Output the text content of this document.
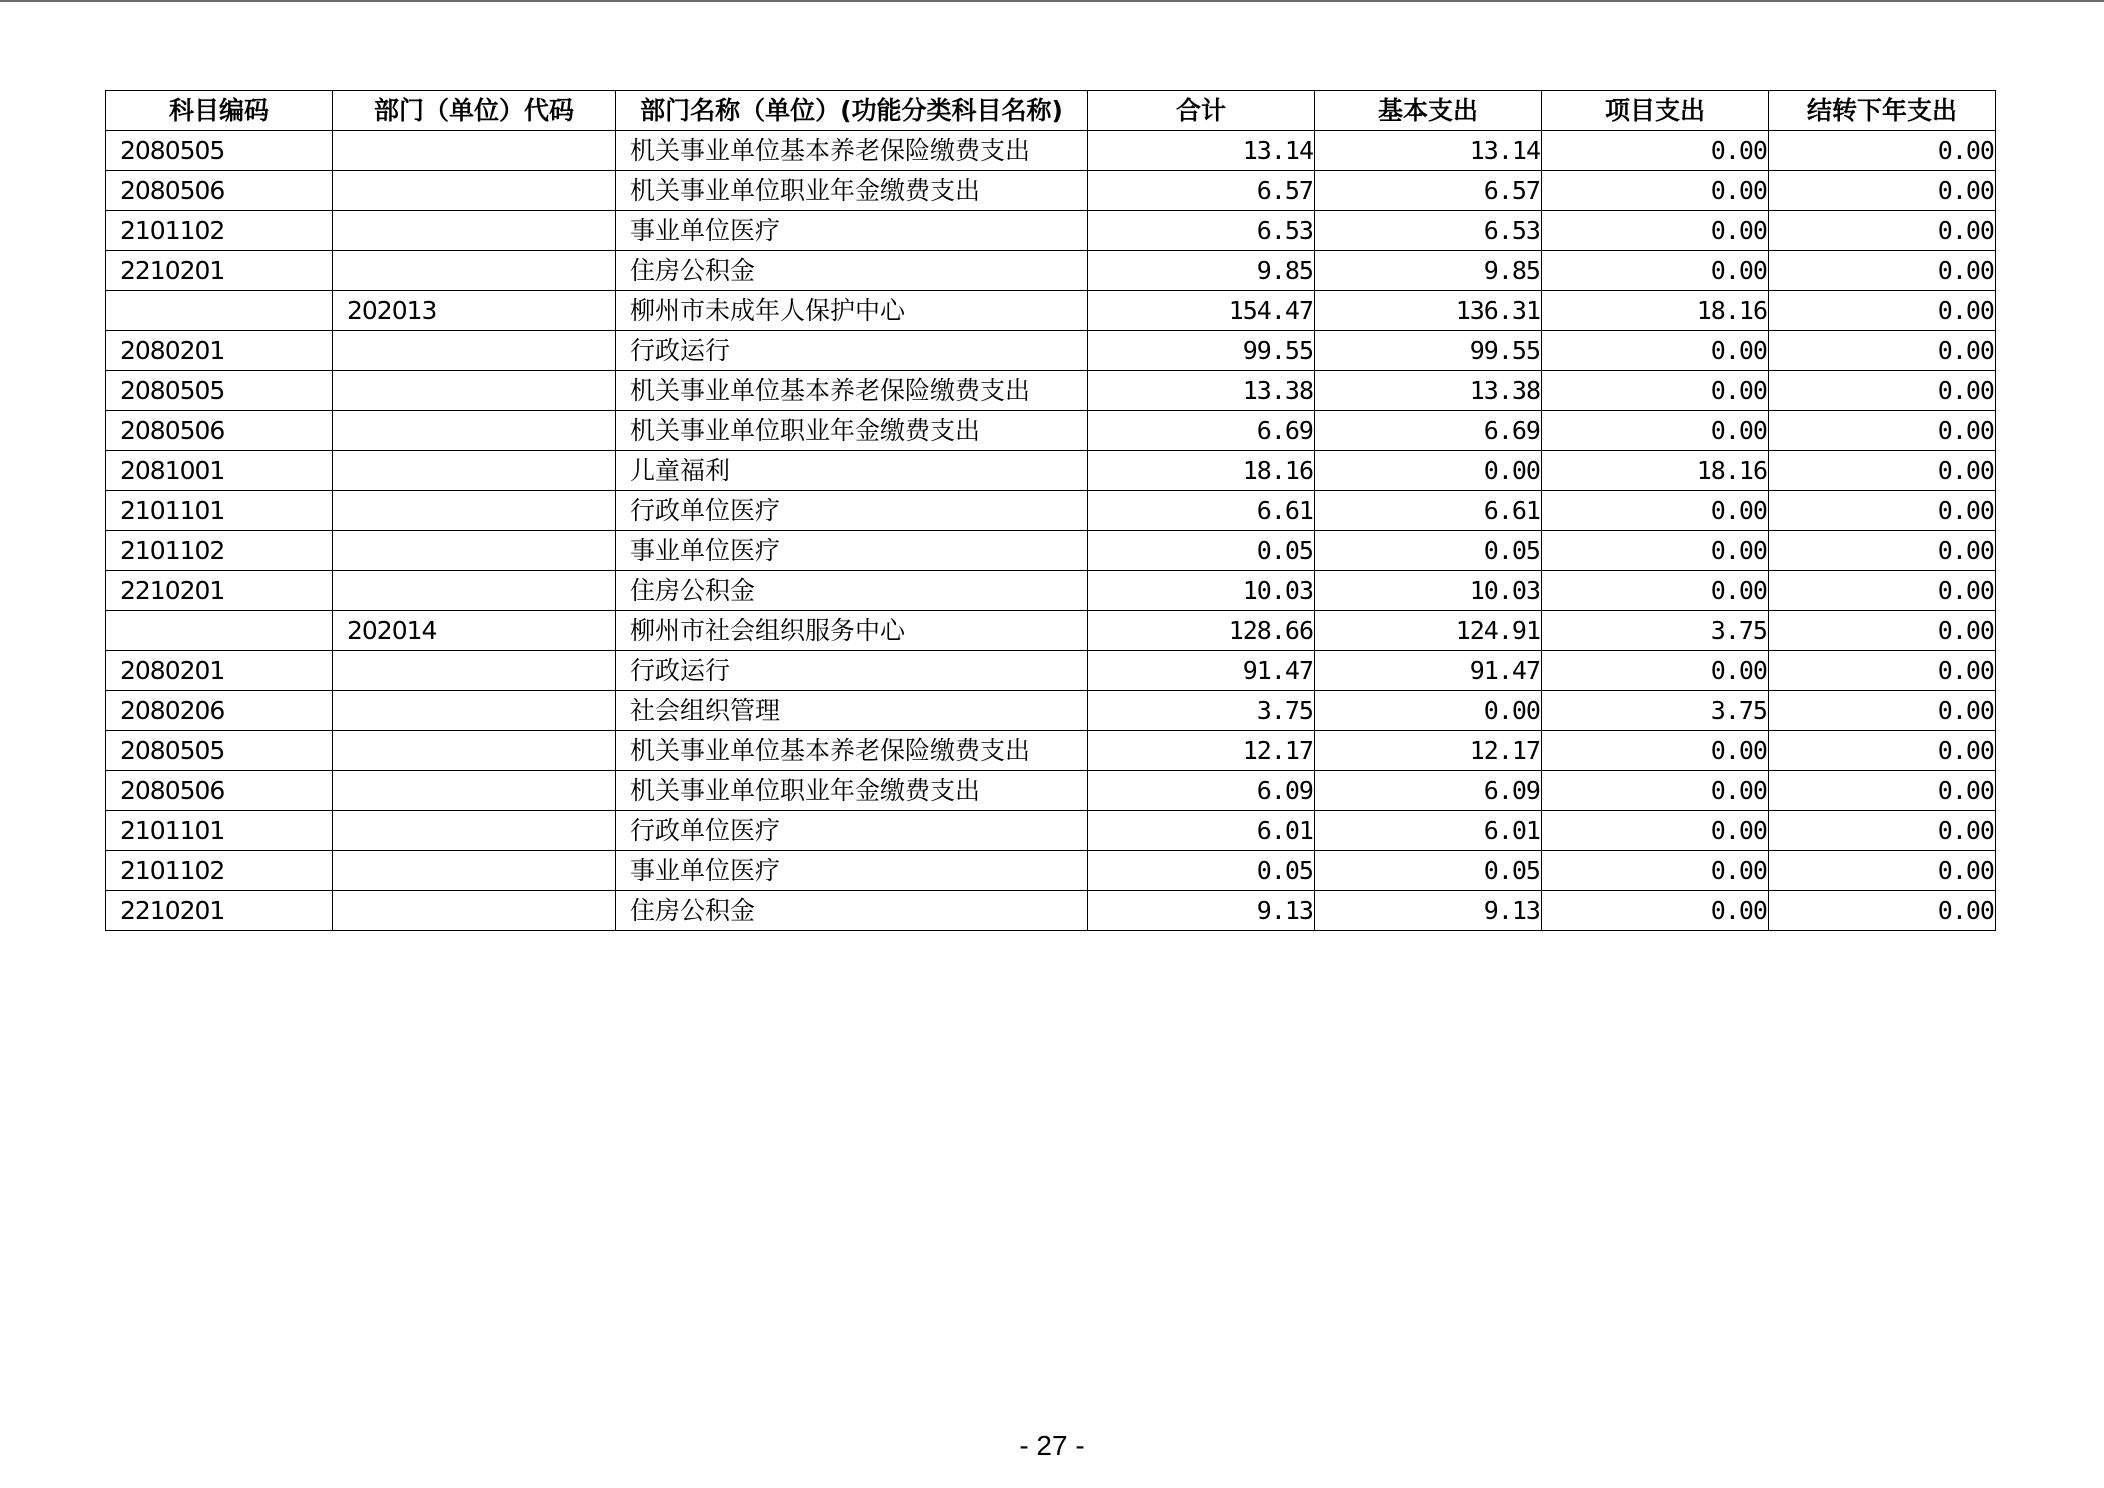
科目编码	部门（单位）代码	部门名称（单位）(功能分类科目名称)	合计	基本支出	项目支出	结转下年支出
2080505		机关事业单位基本养老保险缴费支出	13.14	13.14	0.00	0.00
2080506		机关事业单位职业年金缴费支出	6.57	6.57	0.00	0.00
2101102		事业单位医疗	6.53	6.53	0.00	0.00
2210201		住房公积金	9.85	9.85	0.00	0.00
	202013	柳州市未成年人保护中心	154.47	136.31	18.16	0.00
2080201		行政运行	99.55	99.55	0.00	0.00
2080505		机关事业单位基本养老保险缴费支出	13.38	13.38	0.00	0.00
2080506		机关事业单位职业年金缴费支出	6.69	6.69	0.00	0.00
2081001		儿童福利	18.16	0.00	18.16	0.00
2101101		行政单位医疗	6.61	6.61	0.00	0.00
2101102		事业单位医疗	0.05	0.05	0.00	0.00
2210201		住房公积金	10.03	10.03	0.00	0.00
	202014	柳州市社会组织服务中心	128.66	124.91	3.75	0.00
2080201		行政运行	91.47	91.47	0.00	0.00
2080206		社会组织管理	3.75	0.00	3.75	0.00
2080505		机关事业单位基本养老保险缴费支出	12.17	12.17	0.00	0.00
2080506		机关事业单位职业年金缴费支出	6.09	6.09	0.00	0.00
2101101		行政单位医疗	6.01	6.01	0.00	0.00
2101102		事业单位医疗	0.05	0.05	0.00	0.00
2210201		住房公积金	9.13	9.13	0.00	0.00
- 27 -
